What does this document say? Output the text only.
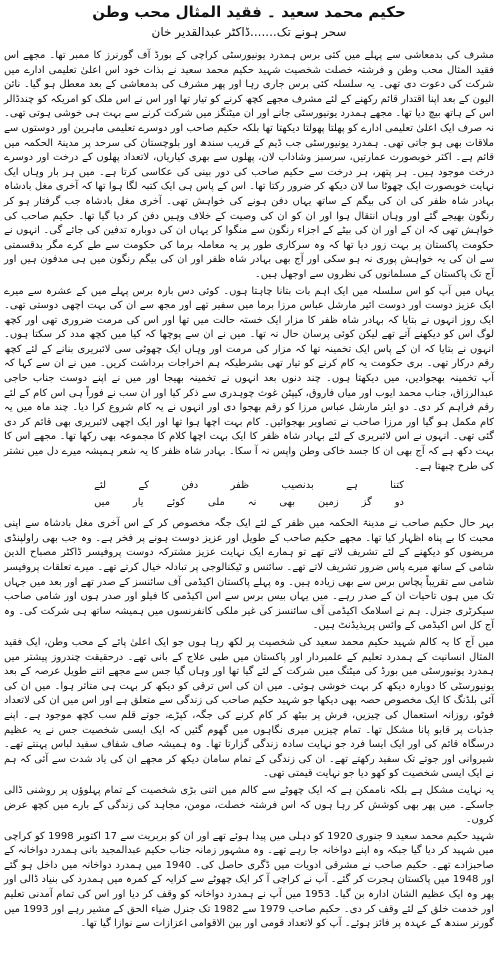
حکیم محمد سعید ۔ فقید المثال محب وطن
سحر ہونے تک.......ڈاکٹر عبدالقدیر خان

مشرف کی بدمعاشی سے پہلے میں کئی برس ہمدرد یونیورسٹی کراچی کے بورڈ آف گورنرز کا ممبر تھا۔ مجھے اس فقید المثال محب وطن و فرشتہ خصلت شخصیت شہید حکیم محمد سعید نے بذات خود اس اعلیٰ تعلیمی ادارے میں شرکت کی دعوت دی تھی۔ یہ سلسلہ کئی برس جاری رہا اور پھر مشرف کی بدمعاشی کے بعد معطل ہو گیا۔ نائن الیون کے بعد اپنا اقتدار قائم رکھنے کے لئے مشرف مجھے کچھ کرنے کو تیار تھا اور اس نے اس ملک کو امریکہ کو چندڈالر اس کے ہاتھ بیچ دیا تھا۔ مجھے ہمدرد یونیورسٹی جانے اور ان میٹنگز میں شرکت کرنے سے بہت ہی خوشی ہوتی تھی۔ نہ صرف ایک اعلیٰ تعلیمی ادارے کو پھلتا پھولتا دیکھتا تھا بلکہ حکیم صاحب اور دوسرے تعلیمی ماہرین اور دوستوں سے ملاقات بھی ہو جاتی تھی۔ ہمدرد یونیورسٹی جب ڈیم کے قریب سندھ اور بلوچستان کی سرحد پر مدینۃ الحکمہ میں قائم ہے۔ اکثر خوبصورت عمارتیں، سرسبز وشاداب لان، پھلوں سے بھری کیاریاں، لاتعداد پھلوں کے درخت اور دوسرے درخت موجود ہیں۔ ہر پتھر، ہر درخت سے حکیم صاحب کی دور بینی کی عکاسی کرتا ہے۔ میں ہر بار وہاں ایک نہایت خوبصورت ایک چھوٹا سا لان دیکھ کر ضرور رکتا تھا۔ اس کے پاس ہی ایک کتبہ لگا ہوا تھا کہ آخری مغل بادشاہ بہادر شاہ ظفر کی ان کی بیگم کے ساتھ یہاں دفن ہونے کی خواہش تھی۔ آخری مغل بادشاہ جب گرفتار ہو کر رنگون بھیجے گئے اور وہاں انتقال ہوا اور ان کو ان کی وصیت کے خلاف وہیں دفن کر دیا گیا تھا۔ حکیم صاحب کی خواہش تھی کہ ان کے اور ان کی بیٹے کے اجزاء رنگون سے منگوا کر یہاں ان کی دوبارہ تدفین کی جائے گی۔ انہوں نے حکومت پاکستان پر بہت زور دیا تھا کہ وہ سرکاری طور پر یہ معاملہ برما کی حکومت سے طے کرے مگر بدقسمتی سے ان کی یہ خواہش پوری نہ ہو سکی اور آج بھی بہادر شاہ ظفر اور ان کی بیگم رنگون میں ہی مدفون ہیں اور آج تک پاکستان کے مسلمانوں کی نظروں سے اوجھل ہیں۔

یہاں میں آپ کو اس سلسلہ میں ایک اہم بات بتانا چاہتا ہوں۔ کوئی دس بارہ برس پہلے میں کے عشرہ سے میرے ایک عزیز دوست اور دوست ائیر مارشل عباس مرزا برما میں سفیر تھے اور مجھ سے ان کی بہت اچھی دوستی تھی۔ ایک روز انہوں نے بتایا کہ بہادر شاہ ظفر کا مزار ایک خستہ حالت میں تھا اور اس کی مرمت ضروری تھی اور کچھ لوگ اس کو دیکھنے آتے تھے لیکن کوئی پرسان حال نہ تھا۔ میں نے ان سے پوچھا کہ کیا میں کچھ مدد کر سکتا ہوں۔ انہوں نے بتایا کہ ان کے پاس ایک تخمینہ تھا کہ مزار کی مرمت اور وہاں ایک چھوٹی سی لائبریری بنانے کے لئے کچھ رقم درکار تھی۔ بری حکومت یہ کام کرنے کو تیار تھی بشرطیکہ ہم اخراجات برداشت کریں۔ میں نے ان سے کہا کہ آپ تخمینہ بھجوادیں، میں دیکھتا ہوں۔ چند دنوں بعد انہوں نے تخمینہ بھیجا اور میں نے اپنے دوست جناب حاجی عبدالرزاق، جناب محمد ایوب اور میاں فاروق، کیپٹن غوث چوہدری سے ذکر کیا اور ان سب نے فوراً ہی اس کام کے لئے رقم فراہم کر دی۔ دو ایئر مارشل عباس مرزا کو رقم بھجوا دی اور انہوں نے یہ کام شروع کرا دیا۔ چند ماہ میں یہ کام مکمل ہو گیا اور مرزا صاحب نے تصاویر بھجوائیں۔ کام بہت اچھا ہوا تھا اور ایک اچھی لائبریری بھی قائم کر دی گئی تھی۔ انہوں نے اس لائبریری کے لئے بہادر شاہ ظفر کا ایک بہت اچھا کلام کا مجموعہ بھی رکھا تھا۔ مجھے اس کا بہت دکھ ہے کہ آج بھی ان کا جسد خاکی وطن واپس نہ آ سکا۔ بہادر شاہ ظفر کا یہ شعر ہمیشہ میرے دل میں نشتر کی طرح چبھتا ہے۔

کتنا
ہے
بدنصیب
ظفر
دفن
کے
لئے
دو
گز
زمین
بھی
نہ
ملی
کوئے
یار
میں

بہر حال حکیم صاحب نے مدینۃ الحکمہ میں ظفر کے لئے ایک جگہ مخصوص کر کے اس آخری مغل بادشاہ سے اپنی محبت کا بے پناہ اظہار کیا تھا۔ مجھے حکیم صاحب کے طویل اور عزیز دوست ہونے پر فخر ہے۔ وہ جب بھی راولپنڈی مریضوں کو دیکھنے کے لئے تشریف لاتے تھے تو ہمارے ایک نہایت عزیز مشترکہ دوست پروفیسر ڈاکٹر مصباح الدین شامی کے ساتھ میرے پاس ضرور تشریف لاتے تھے۔ سائنس و ٹیکنالوجی پر تبادلہ خیال کرتے تھے۔ میرے تعلقات پروفیسر شامی سے تقریباً پچاس برس سے بھی زیادہ ہیں۔ وہ پہلے پاکستان اکیڈمی آف سائنسز کے صدر تھے اور بعد میں جہاں تک میں ہوں تاحیات ان کے صدر رہے۔ میں یہاں بیس برس سے اس اکیڈمی کا فیلو اور صدر ہوں اور شامی صاحب سیکرٹری جنرل۔ ہم نے اسلامک اکیڈمی آف سائنسز کی غیر ملکی کانفرنسوں میں ہمیشہ ساتھ ہی شرکت کی۔ وہ آج کل اس اکیڈمی کے وائس پریذیڈنٹ ہیں۔

میں آج کا یہ کالم شہید حکیم محمد سعید کی شخصیت پر لکھ رہا ہوں جو ایک اعلیٰ پائے کے محب وطن، ایک فقید المثال انسانیت کے ہمدرد تعلیم کے علمبردار اور پاکستان میں طبی علاج کے بانی تھے۔ درحقیقت چندروز پیشتر میں ہمدرد یونیورسٹی میں بورڈ کی میٹنگ میں شرکت کے لئے گیا تھا اور وہاں گیا جس سے مجھے اتنے طویل عرصہ کے بعد یونیورسٹی کا دوبارہ دیکھ کر بہت خوشی ہوئی۔ میں ان کی اس ترقی کو دیکھ کر بہت ہی متاثر ہوا۔ میں ان کی آئی بلڈنگ کا ایک مخصوص حصہ بھی دیکھا جو شہید حکیم صاحب کی زندگی سے متعلق ہے اور اس میں ان کی لاتعداد فوٹو، روزانہ استعمال کی چیزیں، فرش پر بیٹھ کر کام کرنے کی جگہ، کپڑے، جوتے قلم سب کچھ موجود ہے۔ اپنے جذبات پر قابو پانا مشکل تھا۔ تمام چیزیں میری نگاہوں میں گھوم گئیں کہ ایک ایسی شخصیت جس نے یہ عظیم درسگاہ قائم کی اور ایک ایسا فرد جو نہایت سادہ زندگی گزارتا تھا۔ وہ ہمیشہ صاف شفاف سفید لباس پہنتے تھے۔ شیروانی اور جوتے تک سفید رکھتے تھے۔ ان کی زندگی کے تمام سامان دیکھ کر مجھے ان کی یاد شدت سے آئی کہ ہم نے ایک ایسی شخصیت کو کھو دیا جو نہایت قیمتی تھی۔

یہ نہایت مشکل ہے بلکہ ناممکن ہے کہ ایک چھوٹے سے کالم میں اتنی بڑی شخصیت کے تمام پہلوؤں پر روشنی ڈالی جاسکے۔ میں پھر بھی کوشش کر رہا ہوں کہ اس فرشتہ خصلت، مومن، مجاہد کی زندگی کے بارے میں کچھ عرض کروں۔

شہید حکیم محمد سعید 9 جنوری 1920 کو دہلی میں پیدا ہوئے تھے اور ان کو بربریت سے 17 اکتوبر 1998 کو کراچی میں شہید کر دیا گیا جبکہ وہ اپنے دواخانہ جا رہے تھے۔ وہ مشہور زمانہ جناب حکیم عبدالمجید بانی ہمدرد دواخانہ کے صاحبزادے تھے۔ حکیم صاحب نے مشرقی ادویات میں ڈگری حاصل کی۔ 1940 میں ہمدرد دواخانہ میں داخل ہو گئے اور 1948 میں پاکستان ہجرت کر گئے۔ آپ نے کراچی آ کر ایک چھوٹے سے کرایہ کے کمرہ میں ہمدرد کی بنیاد ڈالی اور پھر وہ ایک عظیم الشان ادارہ بن گیا۔ 1953 میں آپ نے ہمدرد دواخانہ کو وقف کر دیا اور اس کی تمام آمدنی تعلیم اور خدمت خلق کے لئے وقف کر دی۔ حکیم صاحب 1979 سے 1982 تک جنرل ضیاء الحق کے مشیر رہے اور 1993 میں گورنر سندھ کے عہدہ پر فائز ہوئے۔ آپ کو لاتعداد قومی اور بین الاقوامی اعزازات سے نوازا گیا تھا۔
